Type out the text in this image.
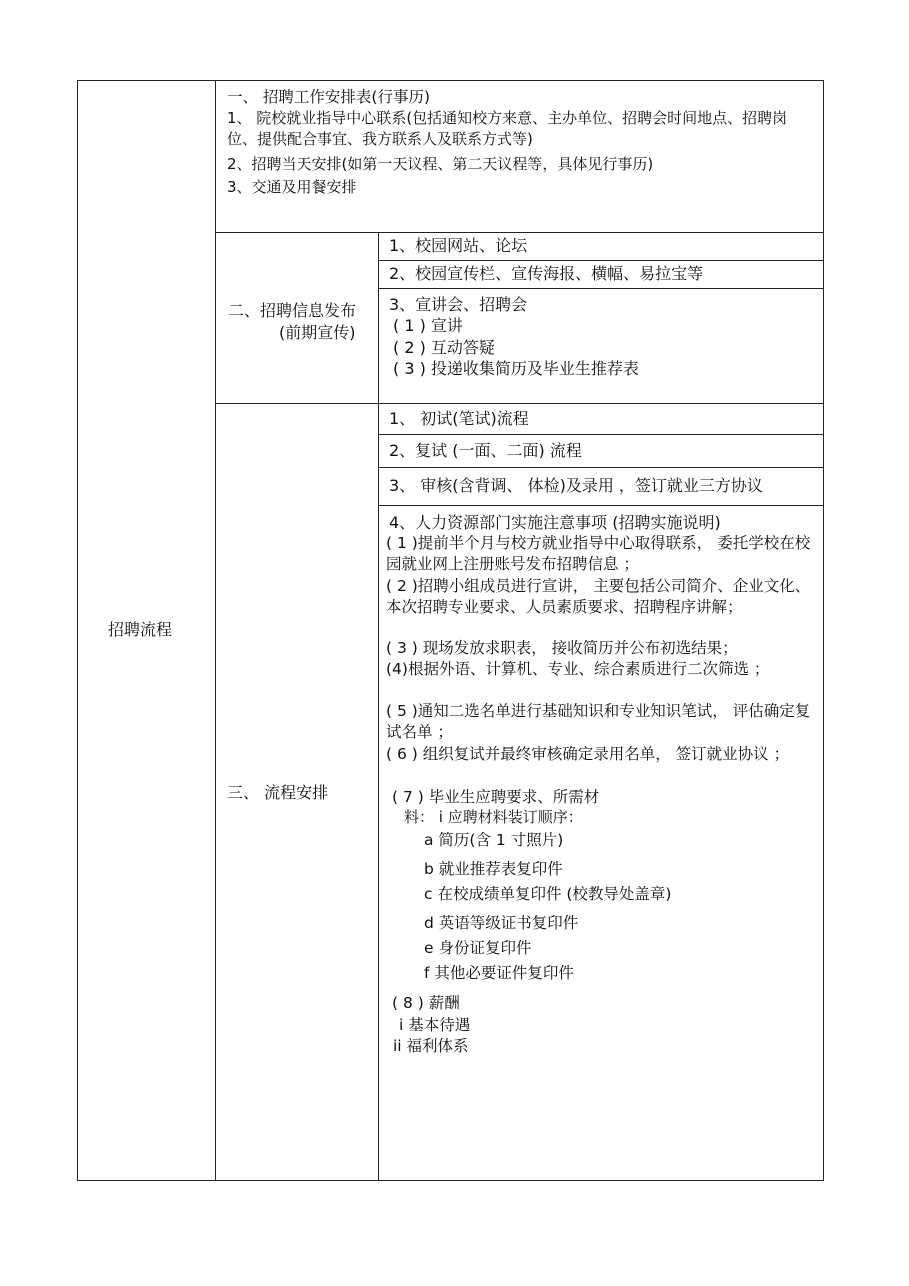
招聘流程
一、 招聘工作安排表(行事历)
1、 院校就业指导中心联系(包括通知校方来意、主办单位、招聘会时间地点、招聘岗位、提供配合事宜、我方联系人及联系方式等)
2、招聘当天安排(如第一天议程、第二天议程等，具体见行事历)
3、交通及用餐安排
二、招聘信息发布
(前期宣传)
1、校园网站、论坛
2、校园宣传栏、宣传海报、横幅、易拉宝等
3、宣讲会、招聘会
( 1 ) 宣讲
( 2 ) 互动答疑
( 3 ) 投递收集简历及毕业生推荐表
三、 流程安排
1、 初试(笔试)流程
2、复试 (一面、二面) 流程
3、 审核(含背调、 体检)及录用 ，签订就业三方协议
4、人力资源部门实施注意事项 (招聘实施说明)
( 1 )提前半个月与校方就业指导中心取得联系， 委托学校在校园就业网上注册账号发布招聘信息 ；
( 2 )招聘小组成员进行宣讲， 主要包括公司简介、企业文化、本次招聘专业要求、人员素质要求、招聘程序讲解；
( 3 ) 现场发放求职表， 接收简历并公布初选结果；
(4)根据外语、计算机、专业、综合素质进行二次筛选 ；
( 5 )通知二选名单进行基础知识和专业知识笔试， 评估确定复试名单 ；
( 6 ) 组织复试并最终审核确定录用名单， 签订就业协议 ；
( 7 ) 毕业生应聘要求、所需材
料： i 应聘材料装订顺序：
a 简历(含 1 寸照片)
b 就业推荐表复印件
c 在校成绩单复印件 (校教导处盖章)
d 英语等级证书复印件
e 身份证复印件
f 其他必要证件复印件
( 8 ) 薪酬
i 基本待遇
ii 福利体系
